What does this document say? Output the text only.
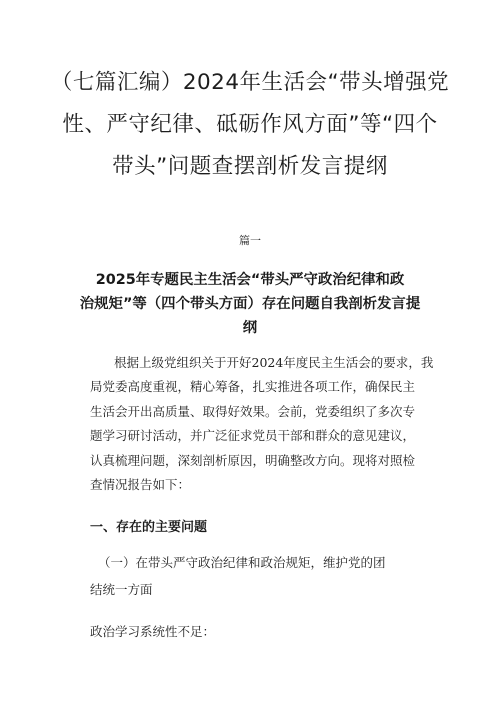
（七篇汇编）2024年生活会“带头增强党
性、严守纪律、砥砺作风方面”等“四个
带头”问题查摆剖析发言提纲
篇一
2025年专题民主生活会“带头严守政治纪律和政
治规矩”等（四个带头方面）存在问题自我剖析发言提
纲

根据上级党组织关于开好2024年度民主生活会的要求，我
局党委高度重视，精心筹备，扎实推进各项工作，确保民主
生活会开出高质量、取得好效果。会前，党委组织了多次专
题学习研讨活动，并广泛征求党员干部和群众的意见建议，
认真梳理问题，深刻剖析原因，明确整改方向。现将对照检
查情况报告如下：

一、存在的主要问题

（一）在带头严守政治纪律和政治规矩，维护党的团
结统一方面

政治学习系统性不足：
